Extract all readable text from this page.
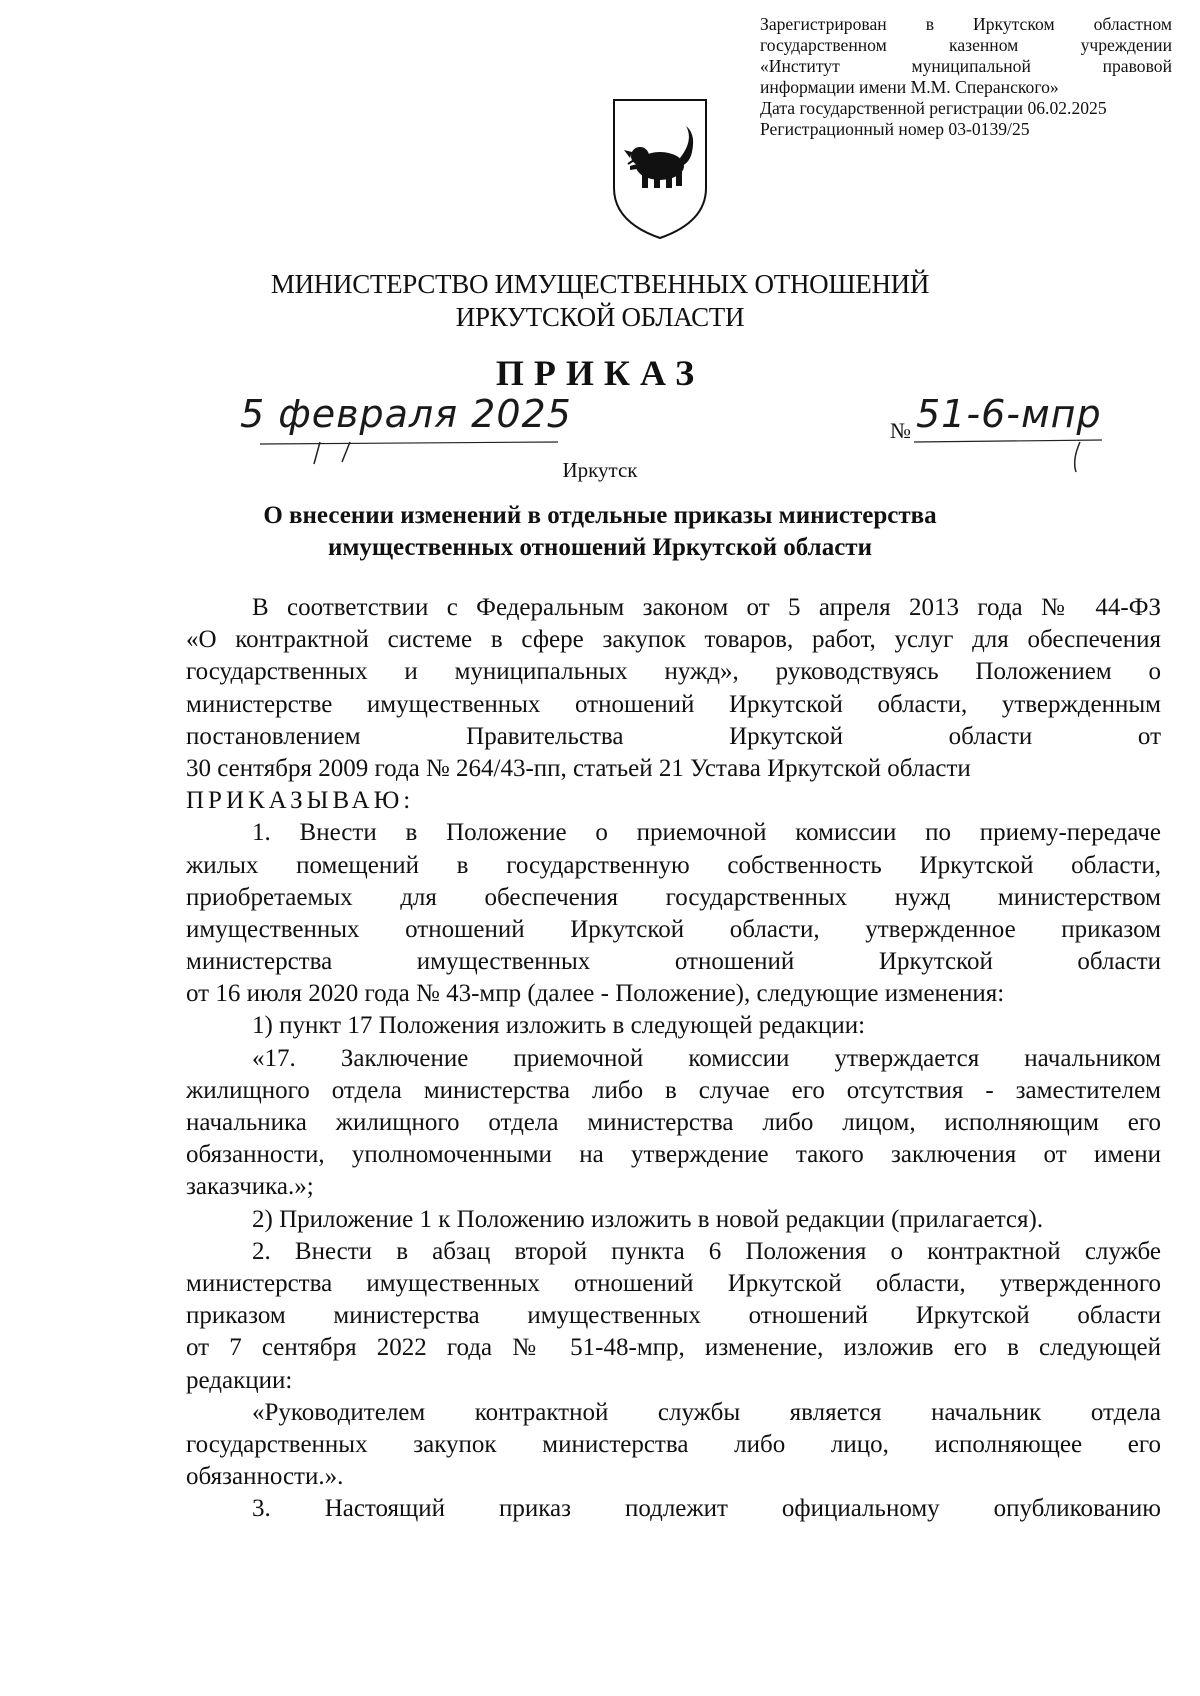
Зарегистрирован в Иркутском областном
государственном казенном учреждении
«Институт муниципальной правовой
информации имени М.М. Сперанского»
Дата государственной регистрации 06.02.2025
Регистрационный номер 03-0139/25
МИНИСТЕРСТВО ИМУЩЕСТВЕННЫХ ОТНОШЕНИЙ
ИРКУТСКОЙ ОБЛАСТИ
ПРИКАЗ
5 февраля 2025	№ 51-6-мпр
Иркутск
О внесении изменений в отдельные приказы министерства
имущественных отношений Иркутской области
В соответствии с Федеральным законом от 5 апреля 2013 года № 44-ФЗ
«О контрактной системе в сфере закупок товаров, работ, услуг для обеспечения
государственных и муниципальных нужд», руководствуясь Положением о
министерстве имущественных отношений Иркутской области, утвержденным
постановлением Правительства Иркутской области от
30 сентября 2009 года № 264/43-пп, статьей 21 Устава Иркутской области
ПРИКАЗЫВАЮ:
1. Внести в Положение о приемочной комиссии по приему-передаче
жилых помещений в государственную собственность Иркутской области,
приобретаемых для обеспечения государственных нужд министерством
имущественных отношений Иркутской области, утвержденное приказом
министерства имущественных отношений Иркутской области
от 16 июля 2020 года № 43-мпр (далее - Положение), следующие изменения:
1) пункт 17 Положения изложить в следующей редакции:
«17. Заключение приемочной комиссии утверждается начальником
жилищного отдела министерства либо в случае его отсутствия - заместителем
начальника жилищного отдела министерства либо лицом, исполняющим его
обязанности, уполномоченными на утверждение такого заключения от имени
заказчика.»;
2) Приложение 1 к Положению изложить в новой редакции (прилагается).
2. Внести в абзац второй пункта 6 Положения о контрактной службе
министерства имущественных отношений Иркутской области, утвержденного
приказом министерства имущественных отношений Иркутской области
от 7 сентября 2022 года № 51-48-мпр, изменение, изложив его в следующей
редакции:
«Руководителем контрактной службы является начальник отдела
государственных закупок министерства либо лицо, исполняющее его
обязанности.».
3. Настоящий приказ подлежит официальному опубликованию
